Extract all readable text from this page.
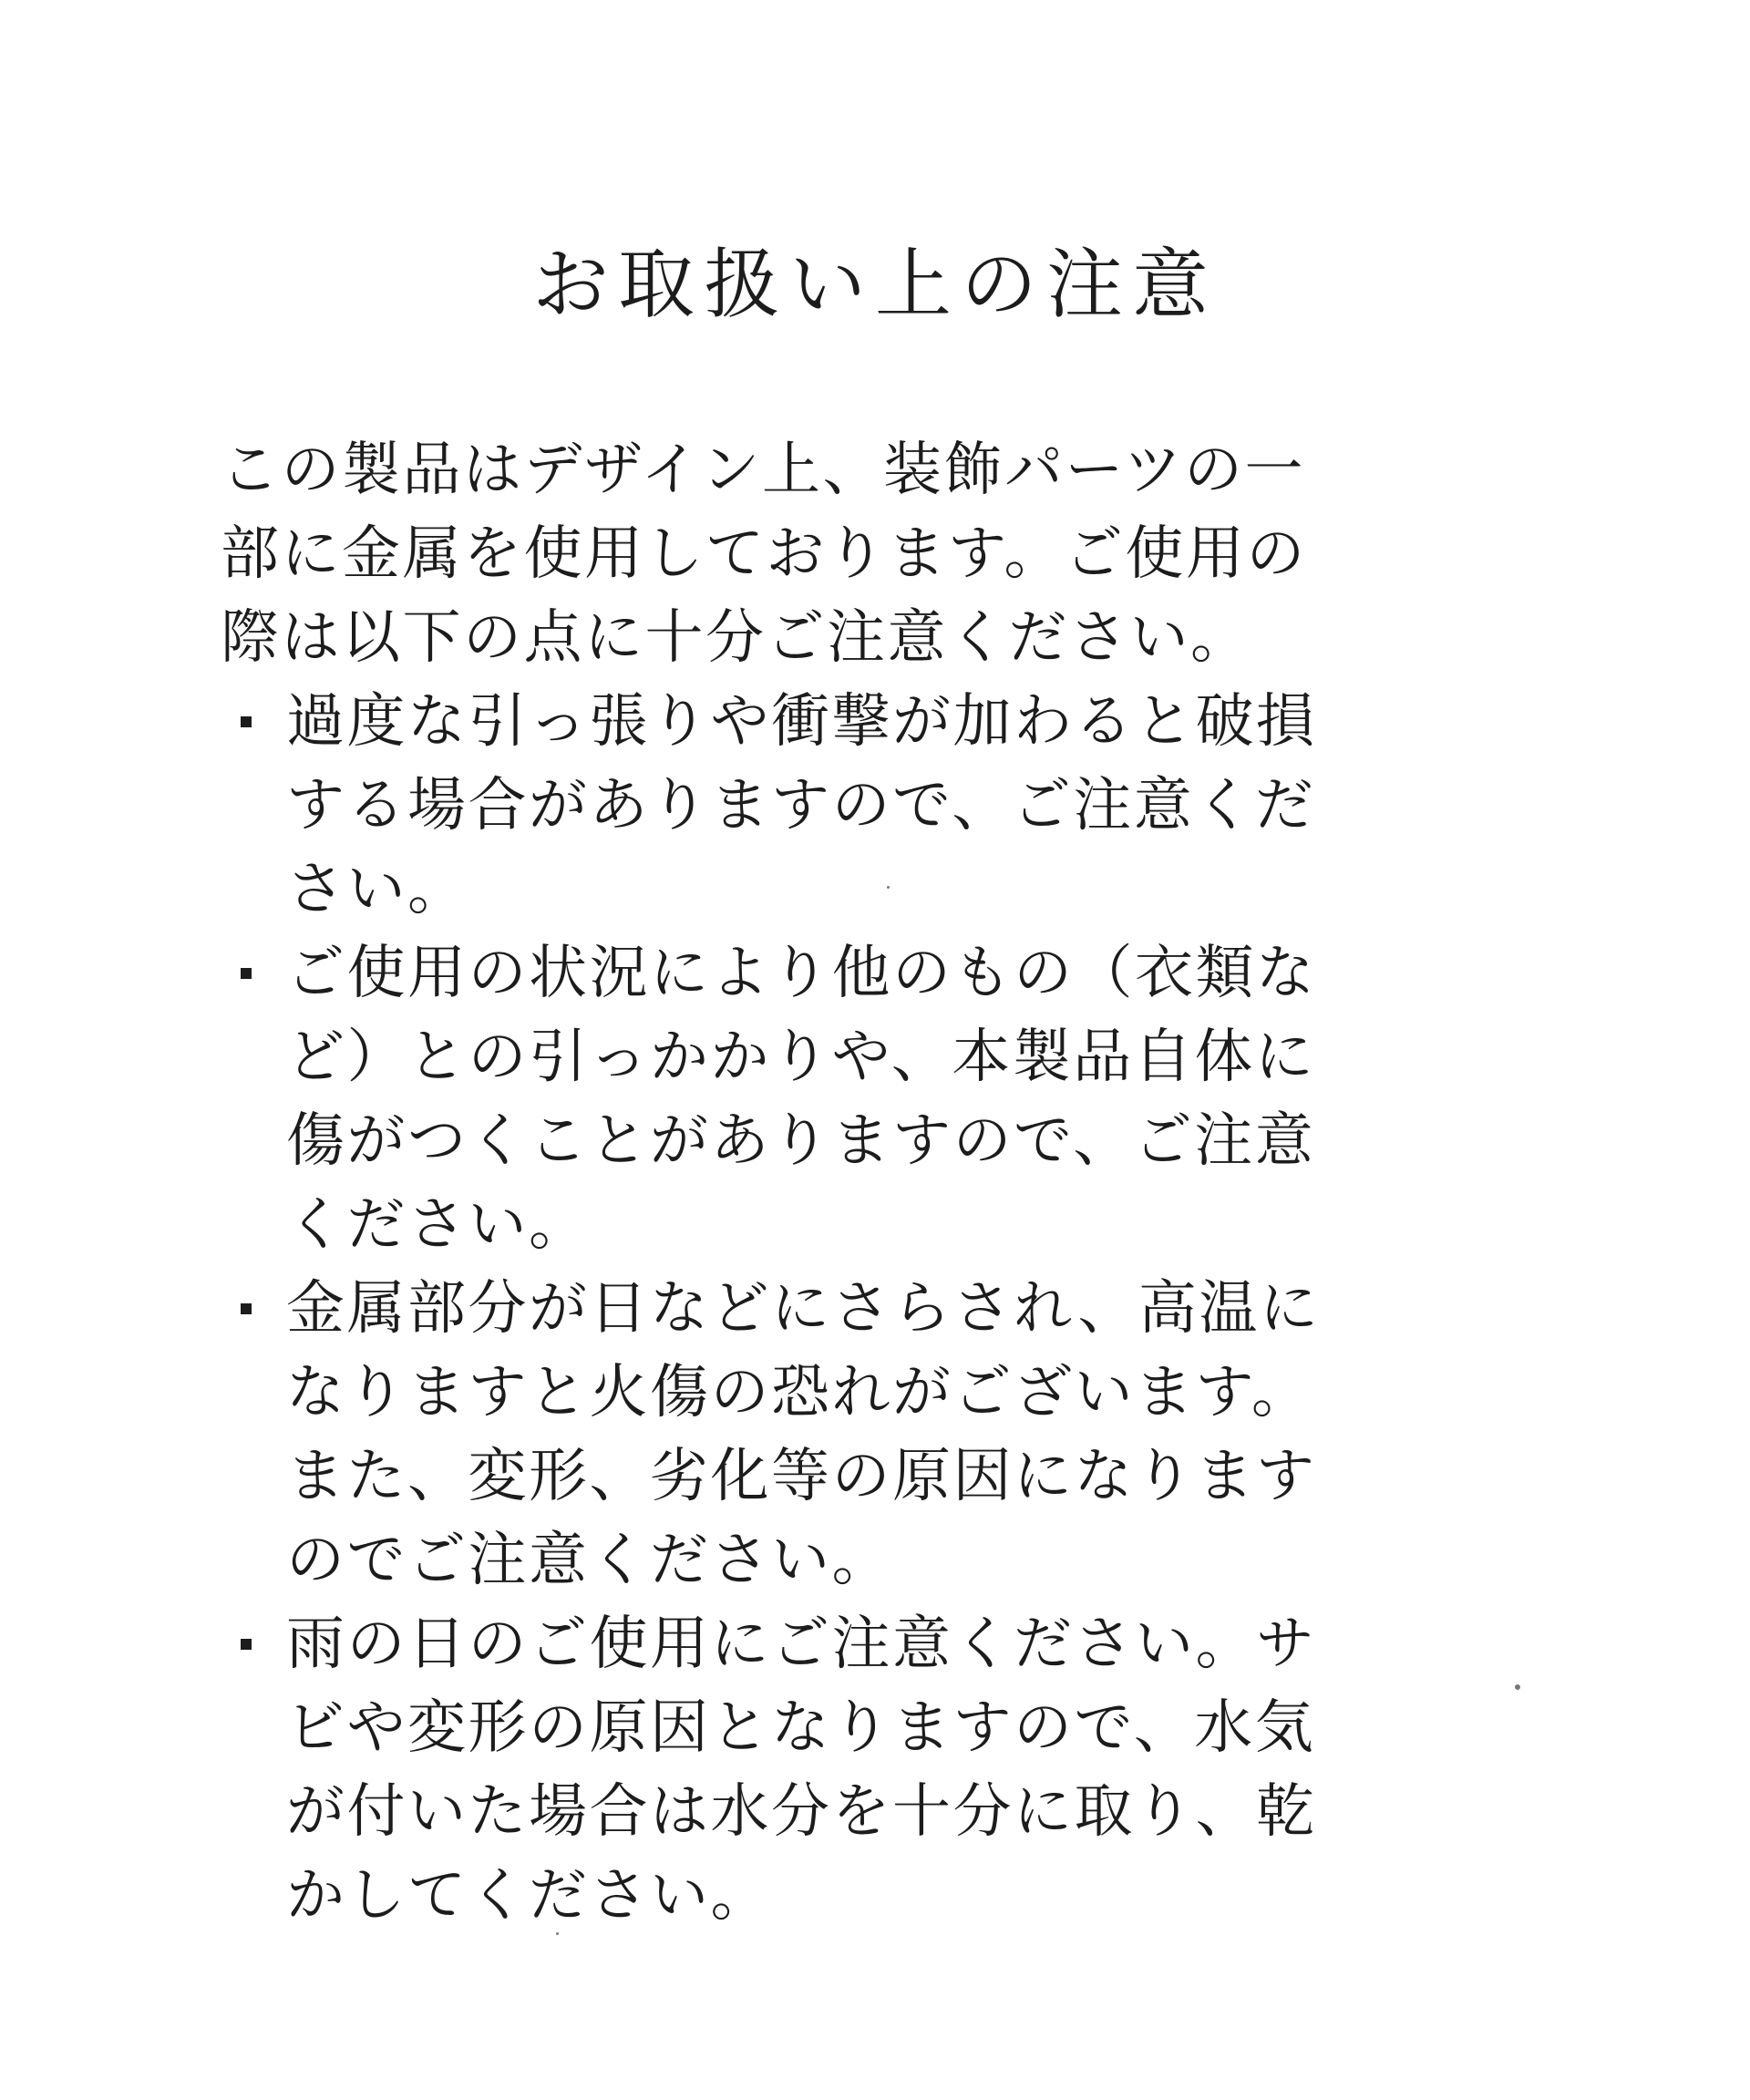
お取扱い上の注意

この製品はデザイン上、装飾パーツの一

部に金属を使用しております。ご使用の

際は以下の点に十分ご注意ください。

過度な引っ張りや衝撃が加わると破損

する場合がありますので、ご注意くだ

さい。

ご使用の状況により他のもの（衣類な

ど）との引っかかりや、本製品自体に

傷がつくことがありますので、ご注意

ください。

金属部分が日などにさらされ、高温に

なりますと火傷の恐れがございます。

また、変形、劣化等の原因になります

のでご注意ください。

雨の日のご使用にご注意ください。サ

ビや変形の原因となりますので、水気

が付いた場合は水分を十分に取り、乾

かしてください。
